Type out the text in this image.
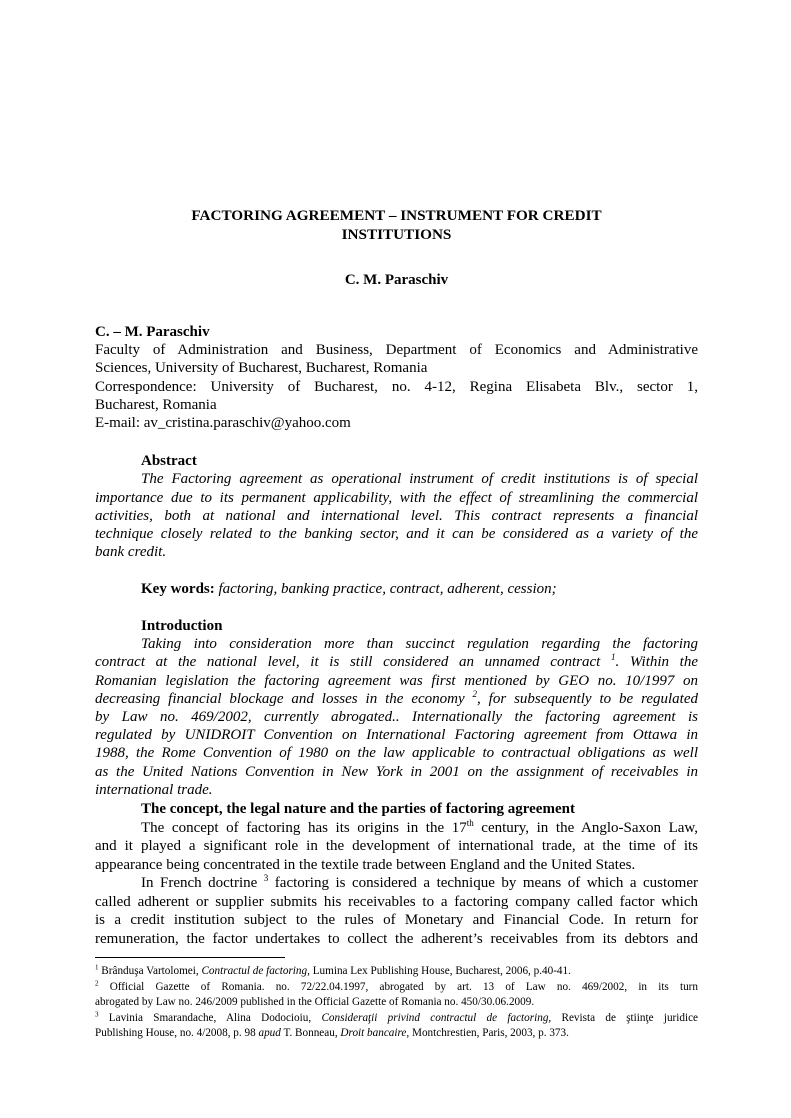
FACTORING AGREEMENT – INSTRUMENT FOR CREDIT
INSTITUTIONS
C. M. Paraschiv
C. – M. Paraschiv
Faculty of Administration and Business, Department of Economics and Administrative
Sciences, University of Bucharest, Bucharest, Romania
Correspondence: University of Bucharest, no. 4-12, Regina Elisabeta Blv., sector 1,
Bucharest, Romania
E-mail: av_cristina.paraschiv@yahoo.com
Abstract
The Factoring agreement as operational instrument of credit institutions is of special
importance due to its permanent applicability, with the effect of streamlining the commercial
activities, both at national and international level. This contract represents a financial
technique closely related to the banking sector, and it can be considered as a variety of the
bank credit.
Key words: factoring, banking practice, contract, adherent, cession;
Introduction
Taking into consideration more than succinct regulation regarding the factoring
contract at the national level, it is still considered an unnamed contract $^1$. Within the
Romanian legislation the factoring agreement was first mentioned by GEO no. 10/1997 on
decreasing financial blockage and losses in the economy $^2$, for subsequently to be regulated
by Law no. 469/2002, currently abrogated.. Internationally the factoring agreement is
regulated by UNIDROIT Convention on International Factoring agreement from Ottawa in
1988, the Rome Convention of 1980 on the law applicable to contractual obligations as well
as the United Nations Convention in New York in 2001 on the assignment of receivables in
international trade.
The concept, the legal nature and the parties of factoring agreement
The concept of factoring has its origins in the 17th century, in the Anglo-Saxon Law,
and it played a significant role in the development of international trade, at the time of its
appearance being concentrated in the textile trade between England and the United States.
In French doctrine $^3$ factoring is considered a technique by means of which a customer
called adherent or supplier submits his receivables to a factoring company called factor which
is a credit institution subject to the rules of Monetary and Financial Code. In return for
remuneration, the factor undertakes to collect the adherent’s receivables from its debtors and
$^1$ Brânduşa Vartolomei, Contractul de factoring, Lumina Lex Publishing House, Bucharest, 2006, p.40-41.
$^2$ Official Gazette of Romania. no. 72/22.04.1997, abrogated by art. 13 of Law no. 469/2002, in its turn
abrogated by Law no. 246/2009 published in the Official Gazette of Romania no. 450/30.06.2009.
$^3$ Lavinia Smarandache, Alina Dodocioiu, Consideraţii privind contractul de factoring, Revista de ştiinţe juridice
Publishing House, no. 4/2008, p. 98 apud T. Bonneau, Droit bancaire, Montchrestien, Paris, 2003, p. 373.
